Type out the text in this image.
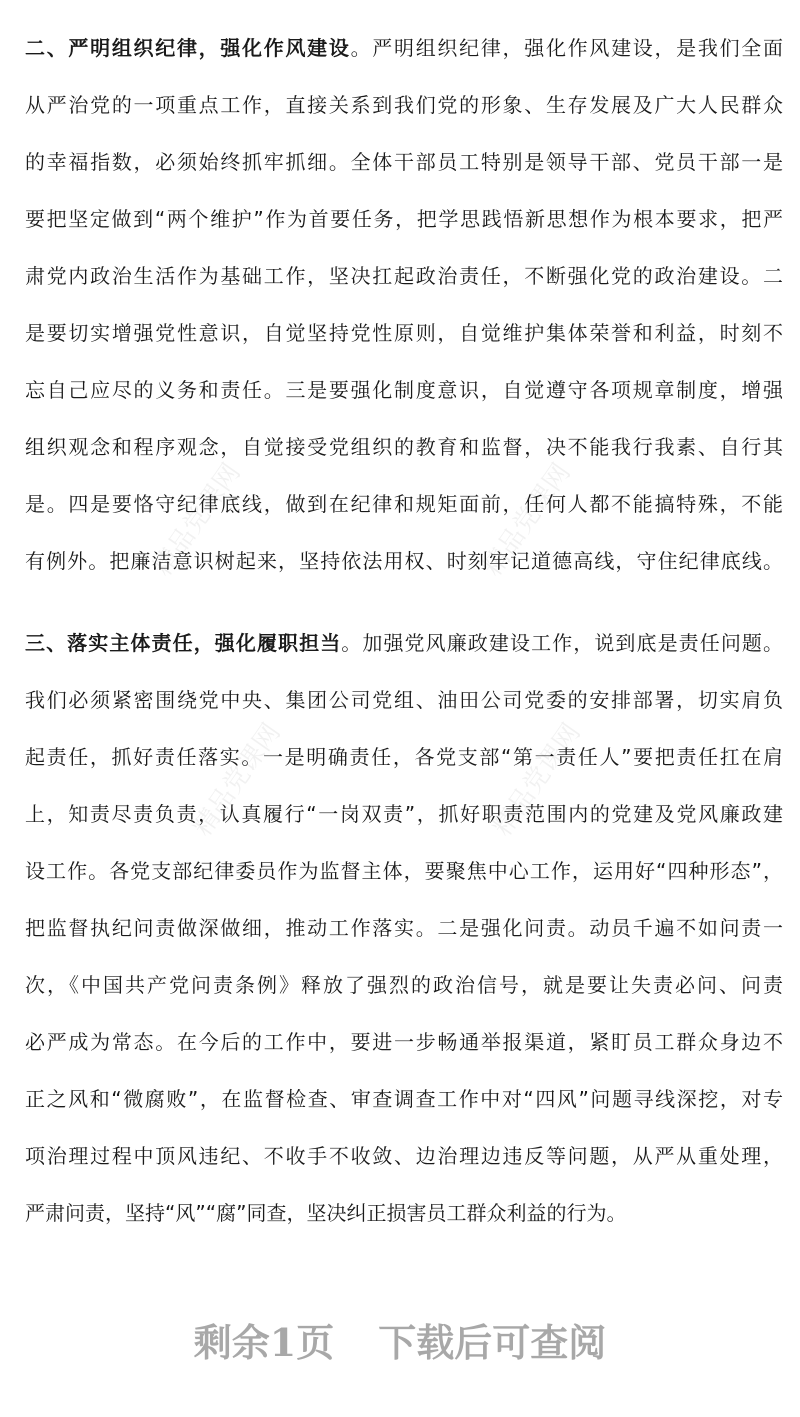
精品党课网	精品党课网
精品党课网	精品党课网
二、严明组织纪律，强化作风建设。严明组织纪律，强化作风建设，是我们全面
从严治党的一项重点工作，直接关系到我们党的形象、生存发展及广大人民群众
的幸福指数，必须始终抓牢抓细。全体干部员工特别是领导干部、党员干部一是
要把坚定做到“两个维护”作为首要任务，把学思践悟新思想作为根本要求，把严
肃党内政治生活作为基础工作，坚决扛起政治责任，不断强化党的政治建设。二
是要切实增强党性意识，自觉坚持党性原则，自觉维护集体荣誉和利益，时刻不
忘自己应尽的义务和责任。三是要强化制度意识，自觉遵守各项规章制度，增强
组织观念和程序观念，自觉接受党组织的教育和监督，决不能我行我素、自行其
是。四是要恪守纪律底线，做到在纪律和规矩面前，任何人都不能搞特殊，不能
有例外。把廉洁意识树起来，坚持依法用权、时刻牢记道德高线，守住纪律底线。
三、落实主体责任，强化履职担当。加强党风廉政建设工作，说到底是责任问题。
我们必须紧密围绕党中央、集团公司党组、油田公司党委的安排部署，切实肩负
起责任，抓好责任落实。一是明确责任，各党支部“第一责任人”要把责任扛在肩
上，知责尽责负责，认真履行“一岗双责”，抓好职责范围内的党建及党风廉政建
设工作。各党支部纪律委员作为监督主体，要聚焦中心工作，运用好“四种形态”，
把监督执纪问责做深做细，推动工作落实。二是强化问责。动员千遍不如问责一
次，《中国共产党问责条例》释放了强烈的政治信号，就是要让失责必问、问责
必严成为常态。在今后的工作中，要进一步畅通举报渠道，紧盯员工群众身边不
正之风和“微腐败”，在监督检查、审查调查工作中对“四风”问题寻线深挖，对专
项治理过程中顶风违纪、不收手不收敛、边治理边违反等问题，从严从重处理，
严肃问责，坚持“风”“腐”同查，坚决纠正损害员工群众利益的行为。
剩余1页 下载后可查阅
